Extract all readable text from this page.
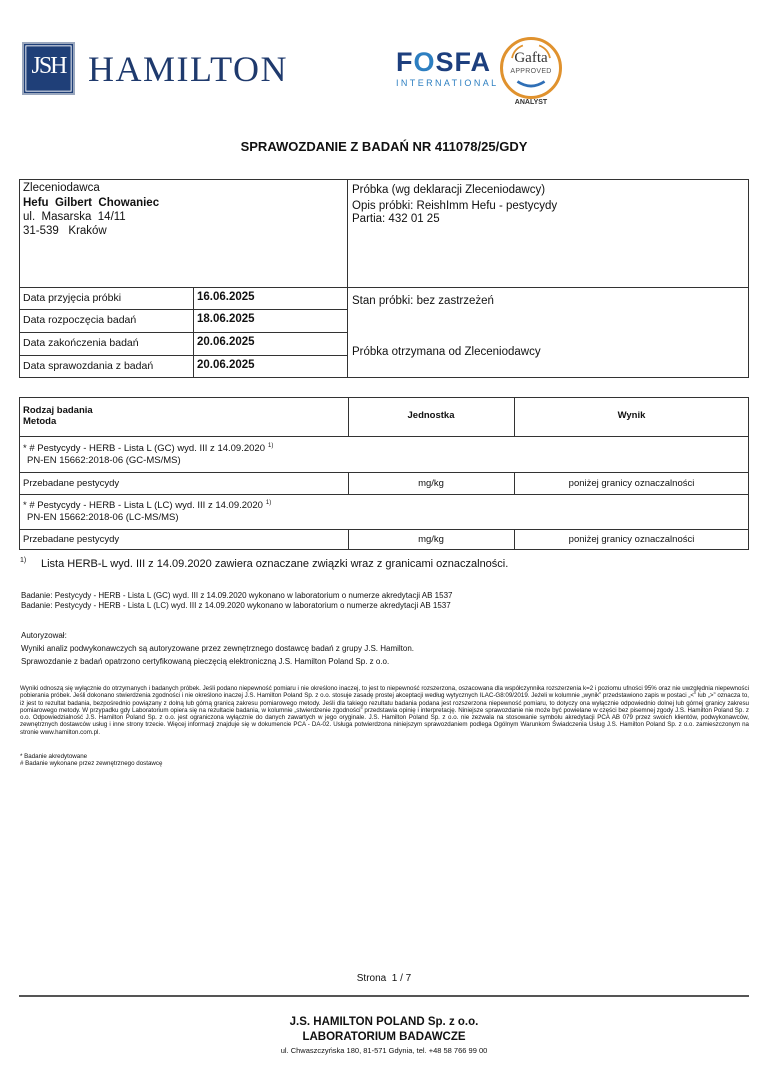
JSH HAMILTON	FOSFA
INTERNATIONAL
Gafta
APPROVED
ANALYST
SPRAWOZDANIE Z BADAŃ NR 411078/25/GDY
Zleceniodawca
Hefu  Gilbert  Chowaniec
ul.  Masarska  14/11
31-539   Kraków
Próbka (wg deklaracji Zleceniodawcy)
Opis próbki: ReishImm Hefu - pestycydy
Partia: 432 01 25
Stan próbki: bez zastrzeżeń
Próbka otrzymana od Zleceniodawcy
Data przyjęcia próbki	16.06.2025
Data rozpoczęcia badań	18.06.2025
Data zakończenia badań	20.06.2025
Data sprawozdania z badań	20.06.2025
Rodzaj badania
Metoda
Jednostka	Wynik
* # Pestycydy - HERB - Lista L (GC) wyd. III z 14.09.2020 $^{1)}$
PN-EN 15662:2018-06 (GC-MS/MS)
Przebadane pestycydy	mg/kg	poniżej granicy oznaczalności
* # Pestycydy - HERB - Lista L (LC) wyd. III z 14.09.2020 $^{1)}$
PN-EN 15662:2018-06 (LC-MS/MS)
Przebadane pestycydy	mg/kg	poniżej granicy oznaczalności
1) Lista HERB-L wyd. III z 14.09.2020 zawiera oznaczane związki wraz z granicami oznaczalności.
Badanie: Pestycydy - HERB - Lista L (GC) wyd. III z 14.09.2020 wykonano w laboratorium o numerze akredytacji AB 1537
Badanie: Pestycydy - HERB - Lista L (LC) wyd. III z 14.09.2020 wykonano w laboratorium o numerze akredytacji AB 1537
Autoryzował:
Wyniki analiz podwykonawczych są autoryzowane przez zewnętrznego dostawcę badań z grupy J.S. Hamilton.
Sprawozdanie z badań opatrzono certyfikowaną pieczęcią elektroniczną J.S. Hamilton Poland Sp. z o.o.
Wyniki odnoszą się wyłącznie do otrzymanych i badanych próbek. Jeśli podano niepewność pomiaru i nie określono inaczej, to jest to niepewność rozszerzona, oszacowana dla współczynnika rozszerzenia k=2 i poziomu ufności 95% oraz nie uwzględnia niepewności pobierania próbek. Jeśli dokonano stwierdzenia zgodności i nie określono inaczej J.S. Hamilton Poland Sp. z o.o. stosuje zasadę prostej akceptacji według wytycznych ILAC-G8:09/2019. Jeżeli w kolumnie „wynik” przedstawiono zapis w postaci „<” lub „>” oznacza to, iż jest to rezultat badania, bezpośrednio powiązany z dolną lub górną granicą zakresu pomiarowego metody. Jeśli dla takiego rezultatu badania podana jest rozszerzona niepewność pomiaru, to dotyczy ona wyłącznie odpowiednio dolnej lub górnej granicy zakresu pomiarowego metody. W przypadku gdy Laboratorium opiera się na rezultacie badania, w kolumnie „stwierdzenie zgodności” przedstawia opinię i interpretację. Niniejsze sprawozdanie nie może być powielane w części bez pisemnej zgody J.S. Hamilton Poland Sp. z o.o. Odpowiedzialność J.S. Hamilton Poland Sp. z o.o. jest ograniczona wyłącznie do danych zawartych w jego oryginale. J.S. Hamilton Poland Sp. z o.o. nie zezwala na stosowanie symbolu akredytacji PCA AB 079 przez swoich klientów, podwykonawców, zewnętrznych dostawców usług i inne strony trzecie. Więcej informacji znajduje się w dokumencie PCA - DA-02. Usługa potwierdzona niniejszym sprawozdaniem podlega Ogólnym Warunkom Świadczenia Usług J.S. Hamilton Poland Sp. z o.o. zamieszczonym na stronie www.hamilton.com.pl.
* Badanie akredytowane
# Badanie wykonane przez zewnętrznego dostawcę
Strona  1 / 7
J.S. HAMILTON POLAND Sp. z o.o.
LABORATORIUM BADAWCZE
ul. Chwaszczyńska 180, 81-571 Gdynia, tel. +48 58 766 99 00
